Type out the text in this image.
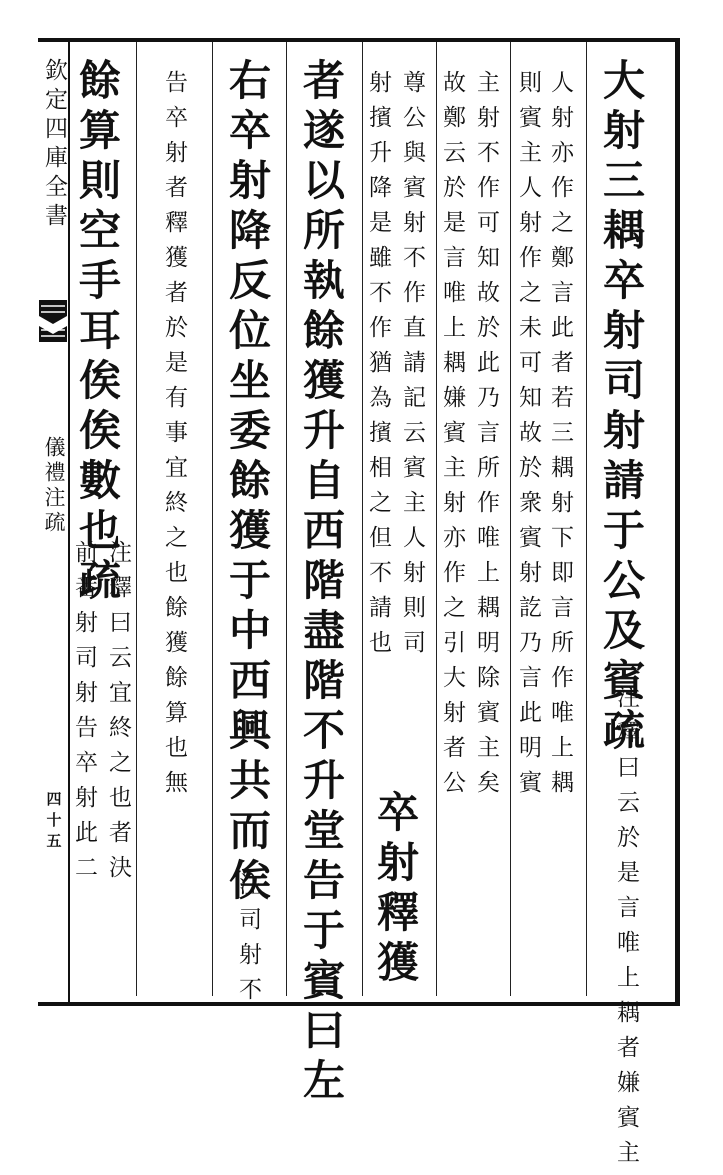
欽定四庫全書
儀禮注疏
四十五
大射三耦卒射司射請于公及賓疏
注釋曰云於是言唯上耦者嫌賓主
人射亦作之鄭言此者若三耦射下即言所作唯上耦
則賓主人射作之未可知故於衆賓射訖乃言此明賓
主射不作可知故於此乃言所作唯上耦明除賓主矣
故鄭云於是言唯上耦嫌賓主射亦作之引大射者公
尊公與賓射不作直請記云賓主人射則司
射擯升降是雖不作猶為擯相之但不請也
卒射釋獲
者遂以所執餘獲升自西階盡階不升堂告于賓曰左
右卒射降反位坐委餘獲于中西興共而俟
注司射不
告卒射者釋獲者於是有事宜終之也餘獲餘算也無
餘算則空手耳俟俟數也疏
注釋曰云宜終之也者決
前番射司射告卒射此二
